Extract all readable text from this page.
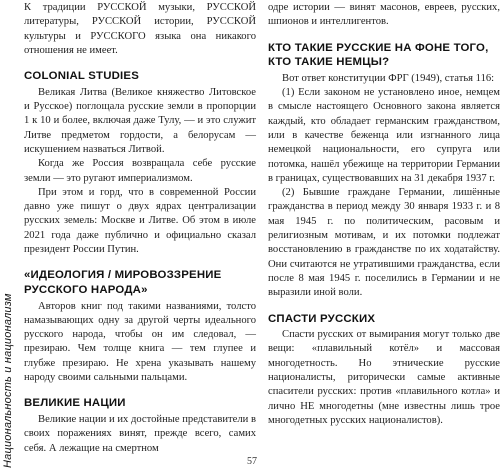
Национальность и национализм

К традиции РУССКОЙ музыки, РУССКОЙ литературы, РУССКОЙ истории, РУССКОЙ культуры и РУССКОГО языка она никакого отношения не имеет.

COLONIAL STUDIES

Великая Литва (Великое княжество Литовское и Русское) поглощала русские земли в пропорции 1 к 10 и более, включая даже Тулу, — и это служит Литве предметом гордости, а белорусам — искушением назваться Литвой.

Когда же Россия возвращала себе русские земли — это ругают империализмом.

При этом и горд, что в современной России давно уже пишут о двух ядрах централизации русских земель: Москве и Литве. Об этом в июле 2021 года даже публично и официально сказал президент России Путин.

«ИДЕОЛОГИЯ / МИРОВОЗЗРЕНИЕ РУССКОГО НАРОДА»

Авторов книг под такими названиями, толсто намазывающих одну за другой черты идеального русского народа, чтобы он им следовал, — презираю. Чем толще книга — тем глупее и глубже презираю. Не хрена указывать нашему народу своими сальными пальцами.

ВЕЛИКИЕ НАЦИИ

Великие нации и их достойные представители в своих поражениях винят, прежде всего, самих себя. А лежащие на смертном

одре истории — винят масонов, евреев, русских, шпионов и интеллигентов.

КТО ТАКИЕ РУССКИЕ НА ФОНЕ ТОГО, КТО ТАКИЕ НЕМЦЫ?

Вот ответ конституции ФРГ (1949), статья 116:

(1) Если законом не установлено иное, немцем в смысле настоящего Основного закона является каждый, кто обладает германским гражданством, или в качестве беженца или изгнанного лица немецкой национальности, его супруга или потомка, нашёл убежище на территории Германии в границах, существовавших на 31 декабря 1937 г.

(2) Бывшие граждане Германии, лишённые гражданства в период между 30 января 1933 г. и 8 мая 1945 г. по политическим, расовым и религиозным мотивам, и их потомки подлежат восстановлению в гражданстве по их ходатайству. Они считаются не утратившими гражданства, если после 8 мая 1945 г. поселились в Германии и не выразили иной воли.

СПАСТИ РУССКИХ

Спасти русских от вымирания могут только две вещи: «плавильный котёл» и массовая многодетность. Но этнические русские националисты, риторически самые активные спасители русских: против «плавильного котла» и лично НЕ многодетны (мне известны лишь трое многодетных русских националистов).

57
